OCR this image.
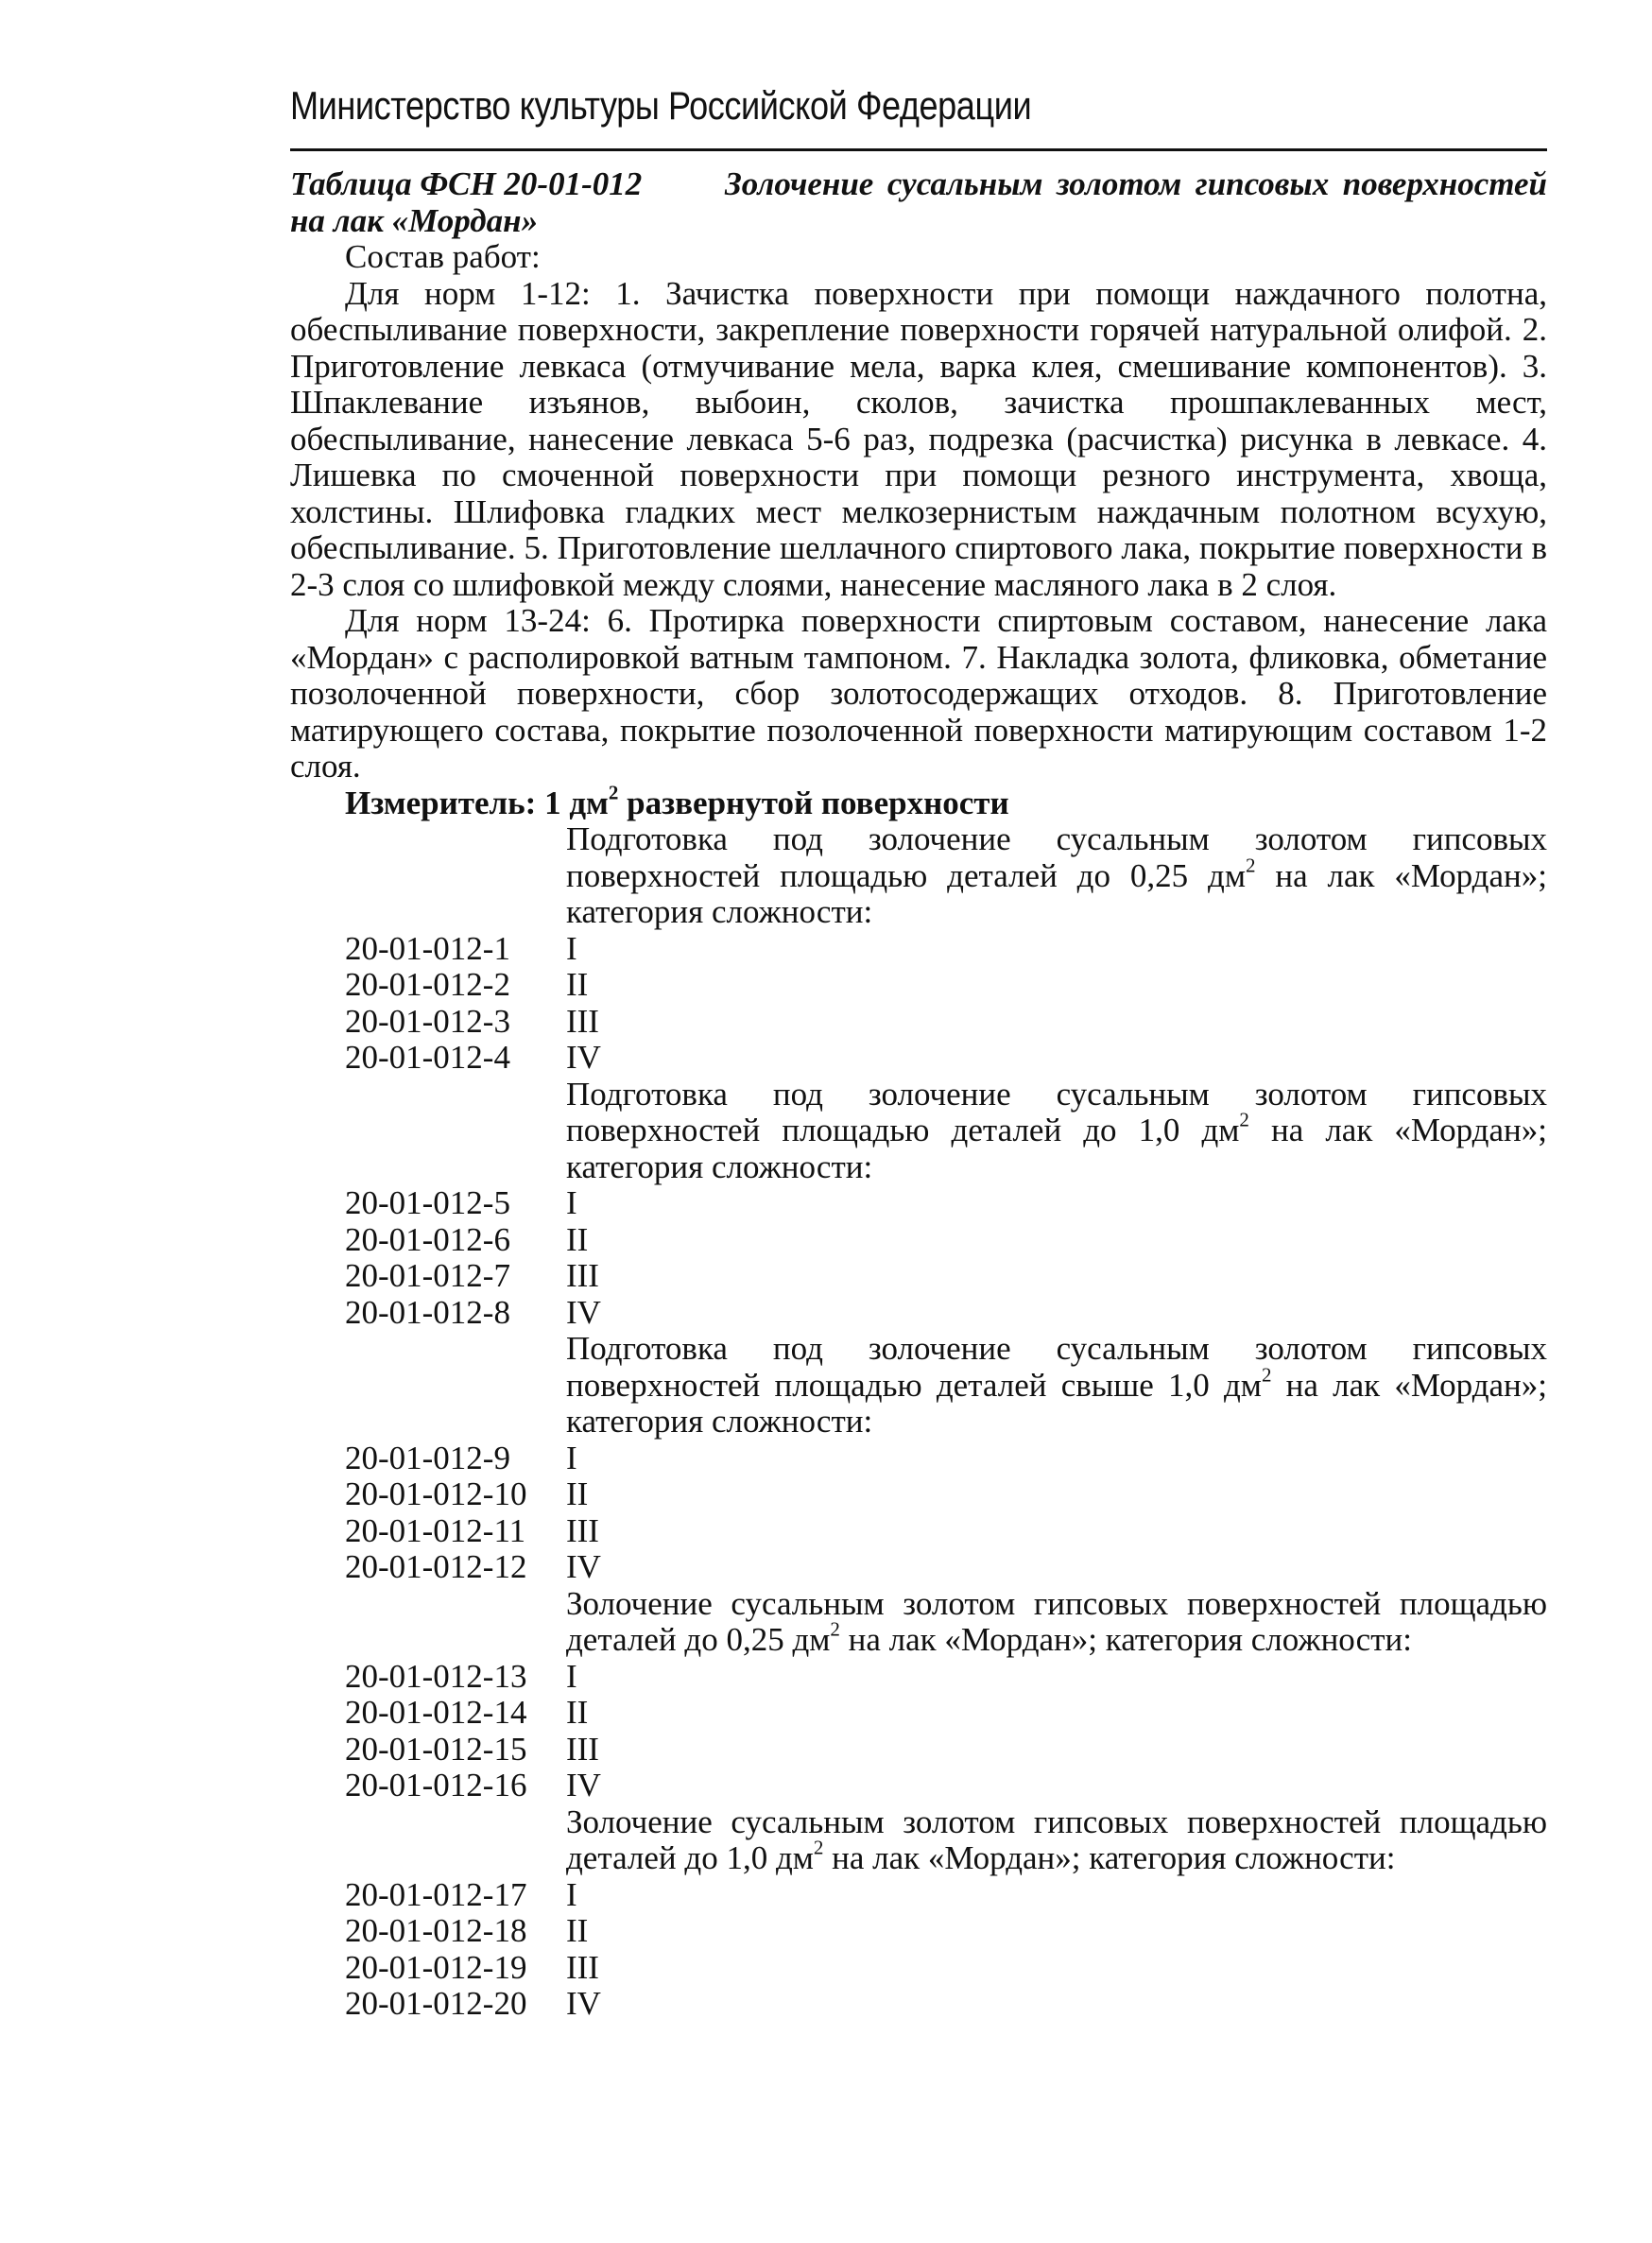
Министерство культуры Российской Федерации
Таблица ФСН 20-01-012	Золочение сусальным золотом гипсовых поверхностей на лак «Мордан»

Состав работ:

Для норм 1-12: 1. Зачистка поверхности при помощи наждачного полотна, обеспыливание поверхности, закрепление поверхности горячей натуральной олифой. 2. Приготовление левкаса (отмучивание мела, варка клея, смешивание компонентов). 3. Шпаклевание изъянов, выбоин, сколов, зачистка прошпаклеванных мест, обеспыливание, нанесение левкаса 5-6 раз, подрезка (расчистка) рисунка в левкасе. 4. Лишевка по смоченной поверхности при помощи резного инструмента, хвоща, холстины. Шлифовка гладких мест мелкозернистым наждачным полотном всухую, обеспыливание. 5. Приготовление шеллачного спиртового лака, покрытие поверхности в 2-3 слоя со шлифовкой между слоями, нанесение масляного лака в 2 слоя.

Для норм 13-24: 6. Протирка поверхности спиртовым составом, нанесение лака «Мордан» с располировкой ватным тампоном. 7. Накладка золота, фликовка, обметание позолоченной поверхности, сбор золотосодержащих отходов. 8. Приготовление матирующего состава, покрытие позолоченной поверхности матирующим составом 1-2 слоя.

Измеритель: 1 $дм^2$ развернутой поверхности
Подготовка под золочение сусальным золотом гипсовых поверхностей площадью деталей до 0,25 $дм^2$ на лак «Мордан»; категория сложности:
20-01-012-1	I
20-01-012-2	II
20-01-012-3	III
20-01-012-4	IV
Подготовка под золочение сусальным золотом гипсовых поверхностей площадью деталей до 1,0 $дм^2$ на лак «Мордан»; категория сложности:
20-01-012-5	I
20-01-012-6	II
20-01-012-7	III
20-01-012-8	IV
Подготовка под золочение сусальным золотом гипсовых поверхностей площадью деталей свыше 1,0 $дм^2$ на лак «Мордан»; категория сложности:
20-01-012-9	I
20-01-012-10	II
20-01-012-11	III
20-01-012-12	IV
Золочение сусальным золотом гипсовых поверхностей площадью деталей до 0,25 $дм^2$ на лак «Мордан»; категория сложности:
20-01-012-13	I
20-01-012-14	II
20-01-012-15	III
20-01-012-16	IV
Золочение сусальным золотом гипсовых поверхностей площадью деталей до 1,0 $дм^2$ на лак «Мордан»; категория сложности:
20-01-012-17	I
20-01-012-18	II
20-01-012-19	III
20-01-012-20	IV
